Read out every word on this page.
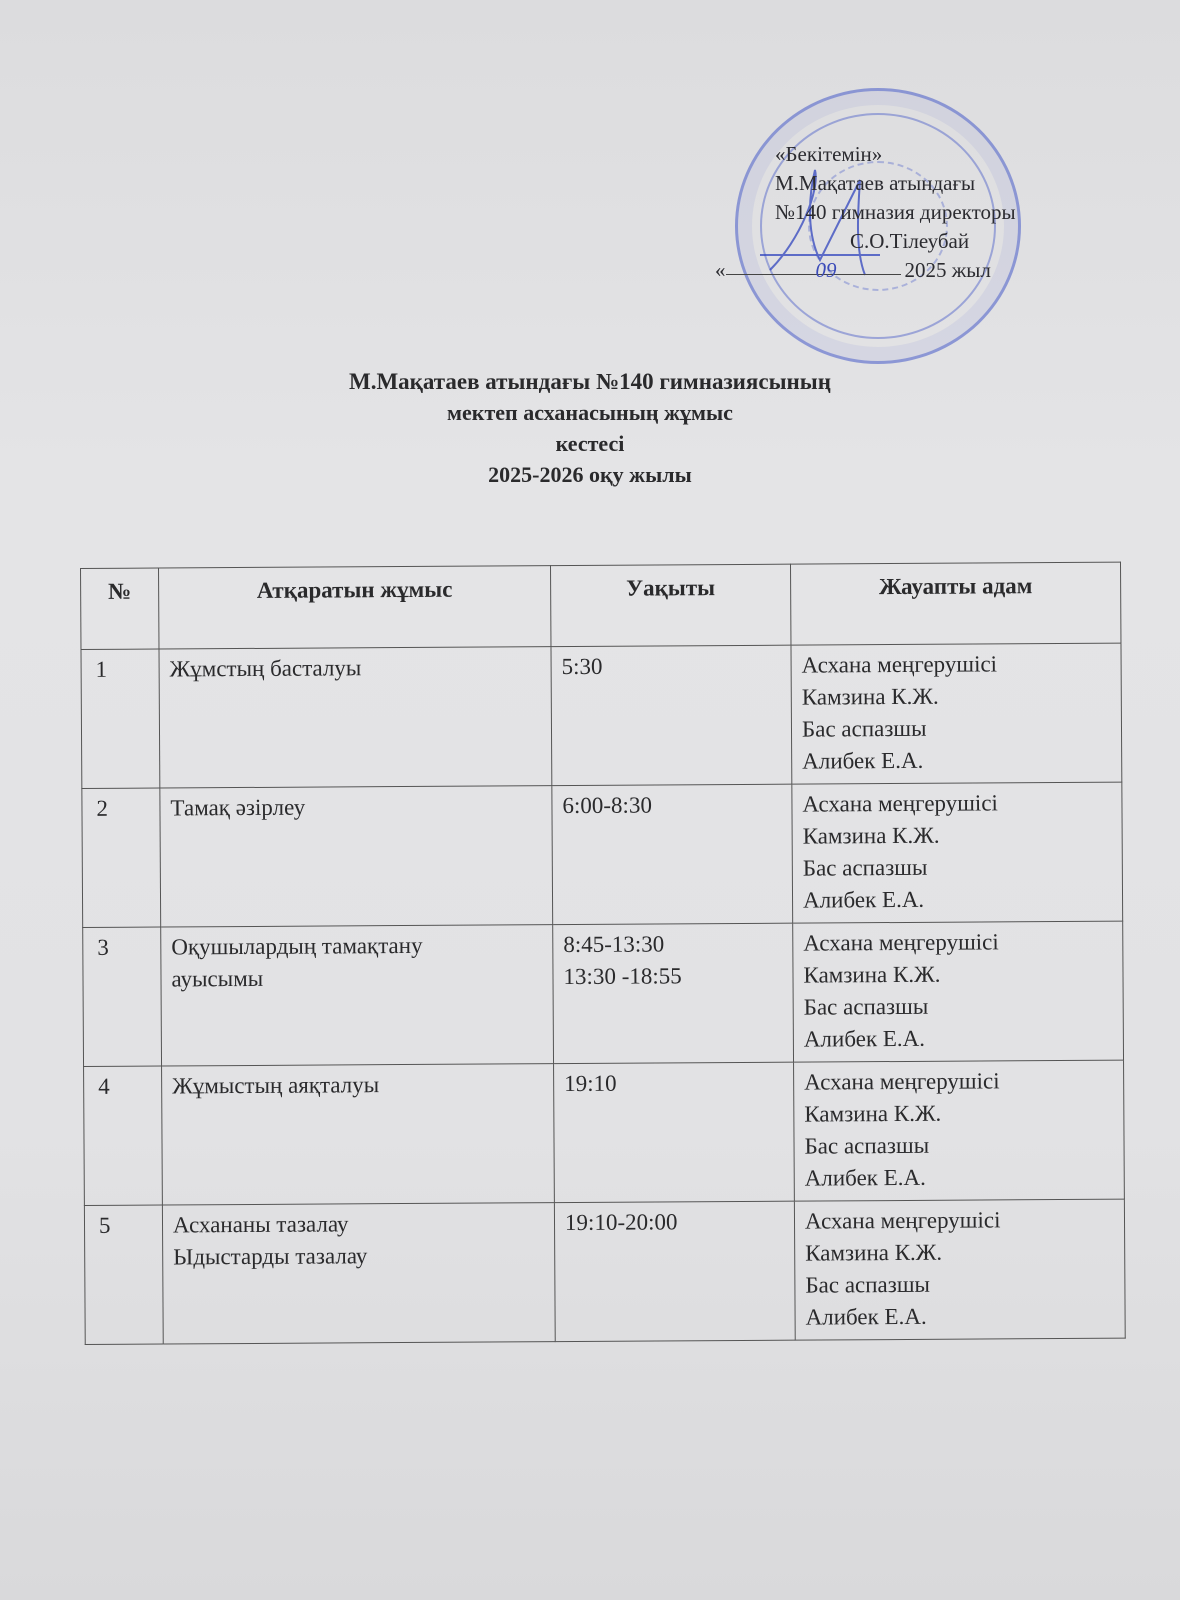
«Бекітемін»
М.Мақатаев атындағы
№140 гимназия директоры
С.О.Тілеубай
«	09	2025 жыл
М.Мақатаев атындағы №140 гимназиясының
мектеп асханасының жұмыс
кестесі
2025-2026 оқу жылы
№	Атқаратын жұмыс	Уақыты	Жауапты адам
1	Жұмстың басталуы	5:30	Асхана меңгерушісі
Камзина К.Ж.
Бас аспазшы
Алибек Е.А.

2	Тамақ әзірлеу	6:00-8:30	Асхана меңгерушісі
Камзина К.Ж.
Бас аспазшы
Алибек Е.А.

3	Оқушылардың тамақтану
ауысымы	8:45-13:30
13:30 -18:55	Асхана меңгерушісі
Камзина К.Ж.
Бас аспазшы
Алибек Е.А.

4	Жұмыстың аяқталуы	19:10	Асхана меңгерушісі
Камзина К.Ж.
Бас аспазшы
Алибек Е.А.

5	Асхананы тазалау
Ыдыстарды тазалау	19:10-20:00	Асхана меңгерушісі
Камзина К.Ж.
Бас аспазшы
Алибек Е.А.
